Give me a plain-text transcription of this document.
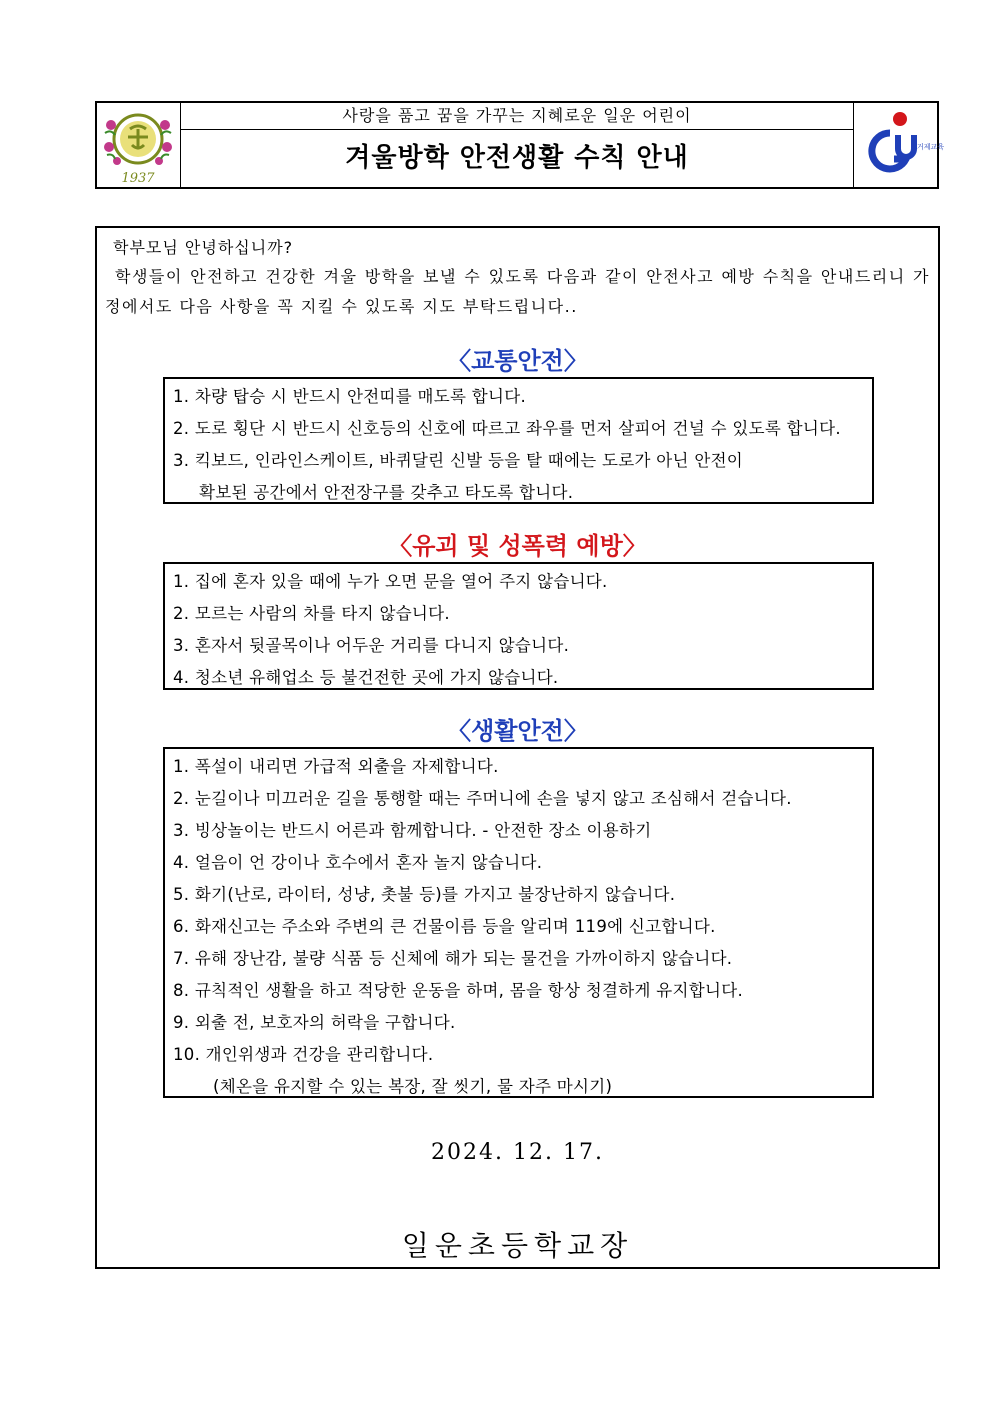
1937
사랑을 품고 꿈을 가꾸는 지혜로운 일운 어린이
겨울방학 안전생활 수칙 안내	거제교육
학부모님 안녕하십니까?
학생들이 안전하고 건강한 겨울 방학을 보낼 수 있도록 다음과 같이 안전사고 예방 수칙을 안내드리니 가정에서도 다음 사항을 꼭 지킬 수 있도록 지도 부탁드립니다..
〈교통안전〉
1. 차량 탑승 시 반드시 안전띠를 매도록 합니다.
2. 도로 횡단 시 반드시 신호등의 신호에 따르고 좌우를 먼저 살피어 건널 수 있도록 합니다.
3. 킥보드, 인라인스케이트, 바퀴달린 신발 등을 탈 때에는 도로가 아닌 안전이
확보된 공간에서 안전장구를 갖추고 타도록 합니다.
〈유괴 및 성폭력 예방〉
1. 집에 혼자 있을 때에 누가 오면 문을 열어 주지 않습니다.
2. 모르는 사람의 차를 타지 않습니다.
3. 혼자서 뒷골목이나 어두운 거리를 다니지 않습니다.
4. 청소년 유해업소 등 불건전한 곳에 가지 않습니다.
〈생활안전〉
1. 폭설이 내리면 가급적 외출을 자제합니다.
2. 눈길이나 미끄러운 길을 통행할 때는 주머니에 손을 넣지 않고 조심해서 걷습니다.
3. 빙상놀이는 반드시 어른과 함께합니다. - 안전한 장소 이용하기
4. 얼음이 언 강이나 호수에서 혼자 놀지 않습니다.
5. 화기(난로, 라이터, 성냥, 촛불 등)를 가지고 불장난하지 않습니다.
6. 화재신고는 주소와 주변의 큰 건물이름 등을 알리며 119에 신고합니다.
7. 유해 장난감, 불량 식품 등 신체에 해가 되는 물건을 가까이하지 않습니다.
8. 규칙적인 생활을 하고 적당한 운동을 하며, 몸을 항상 청결하게 유지합니다.
9. 외출 전, 보호자의 허락을 구합니다.
10. 개인위생과 건강을 관리합니다.
(체온을 유지할 수 있는 복장, 잘 씻기, 물 자주 마시기)
2024. 12. 17.
일운초등학교장
